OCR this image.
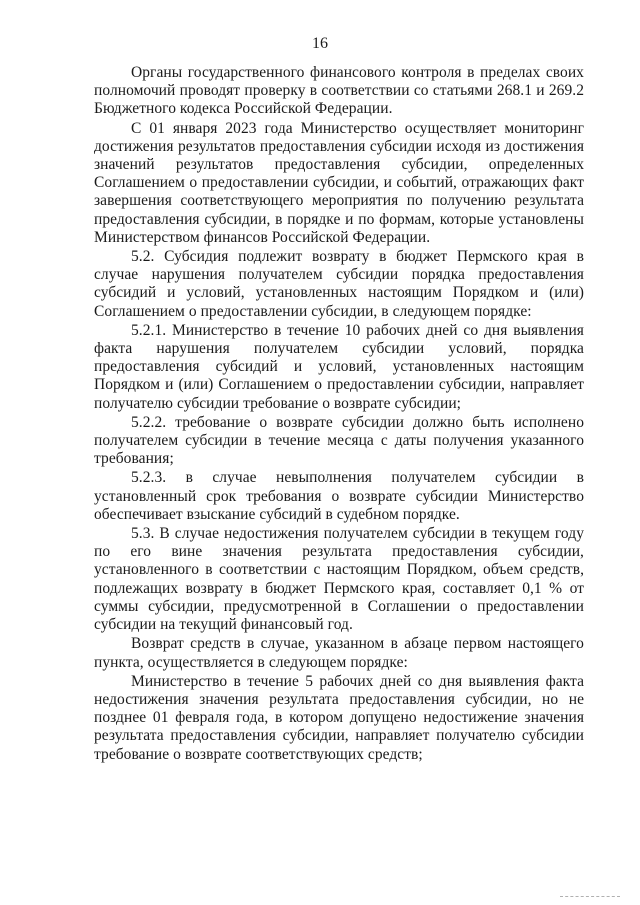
16

Органы государственного финансового контроля в пределах своих полномочий проводят проверку в соответствии со статьями 268.1 и 269.2 Бюджетного кодекса Российской Федерации.

С 01 января 2023 года Министерство осуществляет мониторинг достижения результатов предоставления субсидии исходя из достижения значений результатов предоставления субсидии, определенных Соглашением о предоставлении субсидии, и событий, отражающих факт завершения соответствующего мероприятия по получению результата предоставления субсидии, в порядке и по формам, которые установлены Министерством финансов Российской Федерации.

5.2. Субсидия подлежит возврату в бюджет Пермского края в случае нарушения получателем субсидии порядка предоставления субсидий и условий, установленных настоящим Порядком и (или) Соглашением о предоставлении субсидии, в следующем порядке:

5.2.1. Министерство в течение 10 рабочих дней со дня выявления факта нарушения получателем субсидии условий, порядка предоставления субсидий и условий, установленных настоящим Порядком и (или) Соглашением о предоставлении субсидии, направляет получателю субсидии требование о возврате субсидии;

5.2.2. требование о возврате субсидии должно быть исполнено получателем субсидии в течение месяца с даты получения указанного требования;

5.2.3. в случае невыполнения получателем субсидии в установленный срок требования о возврате субсидии Министерство обеспечивает взыскание субсидий в судебном порядке.

5.3. В случае недостижения получателем субсидии в текущем году по его вине значения результата предоставления субсидии, установленного в соответствии с настоящим Порядком, объем средств, подлежащих возврату в бюджет Пермского края, составляет 0,1 % от суммы субсидии, предусмотренной в Соглашении о предоставлении субсидии на текущий финансовый год.

Возврат средств в случае, указанном в абзаце первом настоящего пункта, осуществляется в следующем порядке:

Министерство в течение 5 рабочих дней со дня выявления факта недостижения значения результата предоставления субсидии, но не позднее 01 февраля года, в котором допущено недостижение значения результата предоставления субсидии, направляет получателю субсидии требование о возврате соответствующих средств;
